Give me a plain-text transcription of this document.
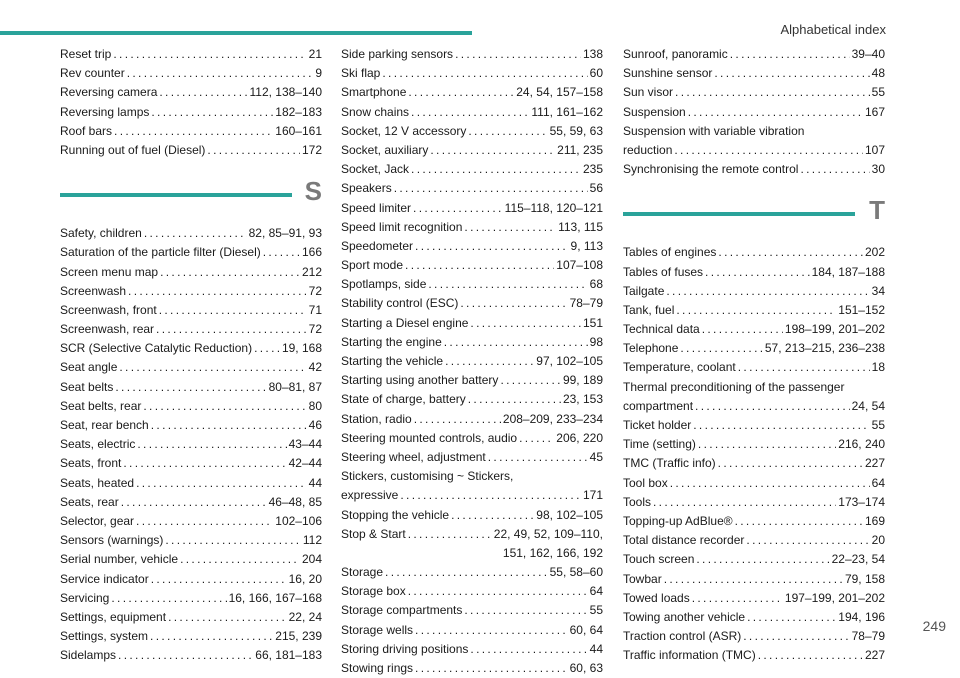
Alphabetical index
Reset trip . . .	21
Rev counter . . .	9
Reversing camera . . .	112, 138–140
Reversing lamps . . .	182–183
Roof bars . . .	160–161
Running out of fuel (Diesel) . . .	172
S
Safety, children . . .	82, 85–91, 93
Saturation of the particle filter (Diesel) . . .	166
Screen menu map . . .	212
Screenwash . . .	72
Screenwash, front . . .	71
Screenwash, rear . . .	72
SCR (Selective Catalytic Reduction) . . . 19, 168
Seat angle . . .	42
Seat belts . . .	80–81, 87
Seat belts, rear . . .	80
Seat, rear bench . . .	46
Seats, electric . . .	43–44
Seats, front . . .	42–44
Seats, heated . . .	44
Seats, rear . . .	46–48, 85
Selector, gear . . .	102–106
Sensors (warnings) . . .	112
Serial number, vehicle . . .	204
Service indicator . . .	16, 20
Servicing . . .	16, 166, 167–168
Settings, equipment . . .	22, 24
Settings, system . . .	215, 239
Sidelamps . . .	66, 181–183
Side parking sensors . . .	138
Ski flap . . .	60
Smartphone . . .	24, 54, 157–158
Snow chains . . .	111, 161–162
Socket, 12 V accessory . . .	55, 59, 63
Socket, auxiliary . . .	211, 235
Socket, Jack . . .	235
Speakers . . .	56
Speed limiter . . .	115–118, 120–121
Speed limit recognition . . .	113, 115
Speedometer . . .	9, 113
Sport mode . . .	107–108
Spotlamps, side . . .	68
Stability control (ESC) . . .	78–79
Starting a Diesel engine . . .	151
Starting the engine . . .	98
Starting the vehicle . . .	97, 102–105
Starting using another battery . . .	99, 189
State of charge, battery . . .	23, 153
Station, radio . . .	208–209, 233–234
Steering mounted controls, audio . . .	206, 220
Steering wheel, adjustment . . .	45
Stickers, customising ~ Stickers,
expressive . . .	171
Stopping the vehicle . . .	98, 102–105
Stop & Start . . .	22, 49, 52, 109–110,
151, 162, 166, 192
Storage . . .	55, 58–60
Storage box . . .	64
Storage compartments . . .	55
Storage wells . . .	60, 64
Storing driving positions . . .	44
Stowing rings . . .	60, 63
Sunroof, panoramic . . .	39–40
Sunshine sensor . . .	48
Sun visor . . .	55
Suspension . . .	167
Suspension with variable vibration
reduction . . .	107
Synchronising the remote control . . .	30
T
Tables of engines . . .	202
Tables of fuses . . .	184, 187–188
Tailgate . . .	34
Tank, fuel . . .	151–152
Technical data . . .	198–199, 201–202
Telephone . . .	57, 213–215, 236–238
Temperature, coolant . . .	18
Thermal preconditioning of the passenger
compartment . . .	24, 54
Ticket holder . . .	55
Time (setting) . . .	216, 240
TMC (Traffic info) . . .	227
Tool box . . .	64
Tools . . .	173–174
Topping-up AdBlue® . . .	169
Total distance recorder . . .	20
Touch screen . . .	22–23, 54
Towbar . . .	79, 158
Towed loads . . .	197–199, 201–202
Towing another vehicle . . .	194, 196
Traction control (ASR) . . .	78–79
Traffic information (TMC) . . .	227
249
